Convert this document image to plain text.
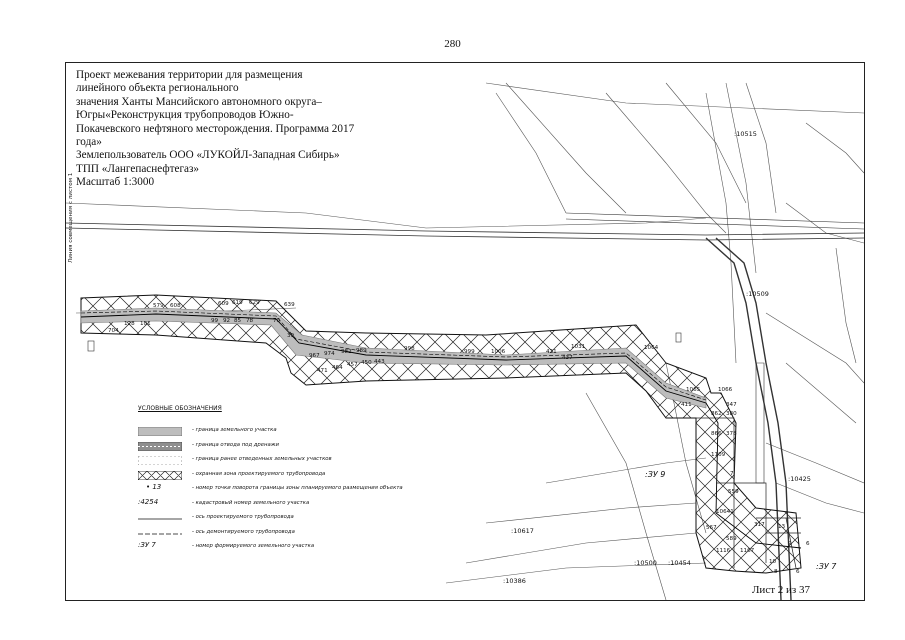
280
579 608	609 619 629	639
128 101
704
99 92 85 78	70
39
967 974 982 989	998
471 464 457 450 443
999	1006	421
1031
437
1064
1065	1066
411	347
862 380
866 378
1109
7
559
10641
567	317 13
589
1116 1167
9	6
10
8	6
:10515
:10509
:10425
:10617
:10500 :10454
:10386
:ЗУ 9
:ЗУ 7
Проект межевания территории для размещения
линейного объекта регионального
значения Ханты Мансийского автономного округа–
Югры«Реконструкция трубопроводов Южно-
Покачевского нефтяного месторождения. Программа 2017
года»
Землепользователь ООО «ЛУКОЙЛ-Западная Сибирь»
ТПП «Лангепаснефтегаз»
Масштаб 1:3000
Линия совмещения с листом 1
УСЛОВНЫЕ ОБОЗНАЧЕНИЯ
- граница земельного участка
- граница отвода под дренажи
- граница ранее отведенных земельных участков
- охранная зона проектируемого трубопровода
• 13	- номер точки поворота границы зоны планируемого размещения объекта
:4254	- кадастровый номер земельного участка
- ось проектируемого трубопровода
- ось демонтируемого трубопровода
:ЗУ 7	- номер формируемого земельного участка
Лист 2 из 37
